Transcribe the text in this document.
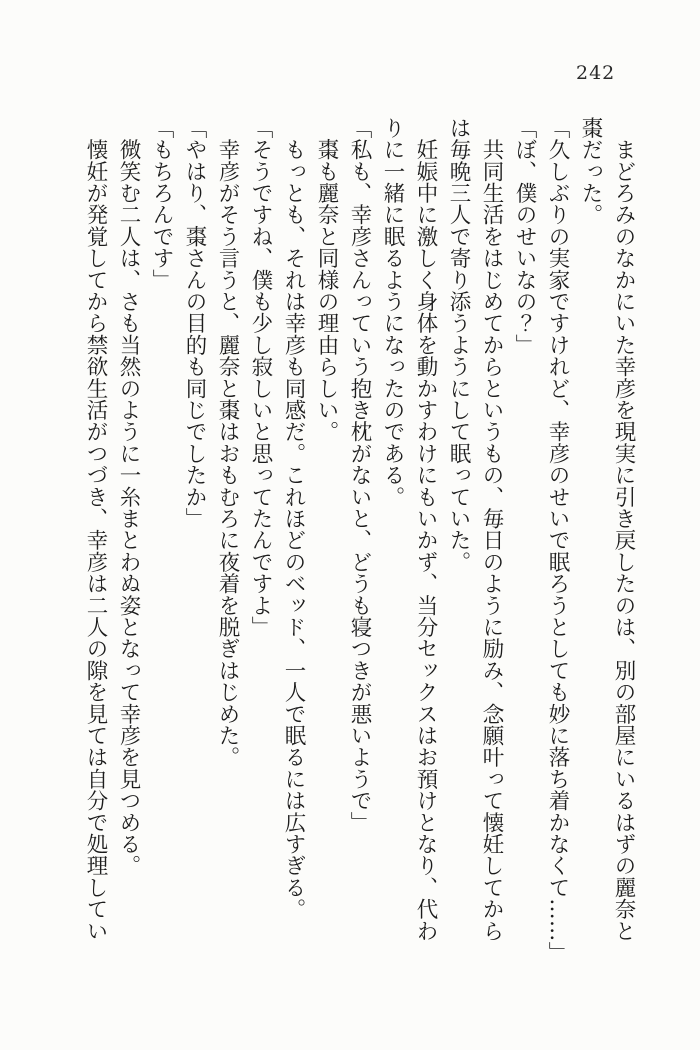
242
　まどろみのなかにいた幸彦を現実に引き戻したのは、別の部屋にいるはずの麗奈と
棗だった。
「久しぶりの実家ですけれど、幸彦のせいで眠ろうとしても妙に落ち着かなくて……」
「ぼ、僕のせいなの？」
　共同生活をはじめてからというもの、毎日のように励み、念願叶って懐妊してから
は毎晩三人で寄り添うようにして眠っていた。
　妊娠中に激しく身体を動かすわけにもいかず、当分セックスはお預けとなり、代わ
りに一緒に眠るようになったのである。
「私も、幸彦さんっていう抱き枕がないと、どうも寝つきが悪いようで」
　棗も麗奈と同様の理由らしい。
　もっとも、それは幸彦も同感だ。これほどのベッド、一人で眠るには広すぎる。
「そうですね、僕も少し寂しいと思ってたんですよ」
　幸彦がそう言うと、麗奈と棗はおもむろに夜着を脱ぎはじめた。
「やはり、棗さんの目的も同じでしたか」
「もちろんです」
　微笑む二人は、さも当然のように一糸まとわぬ姿となって幸彦を見つめる。
　懐妊が発覚してから禁欲生活がつづき、幸彦は二人の隙を見ては自分で処理してい
